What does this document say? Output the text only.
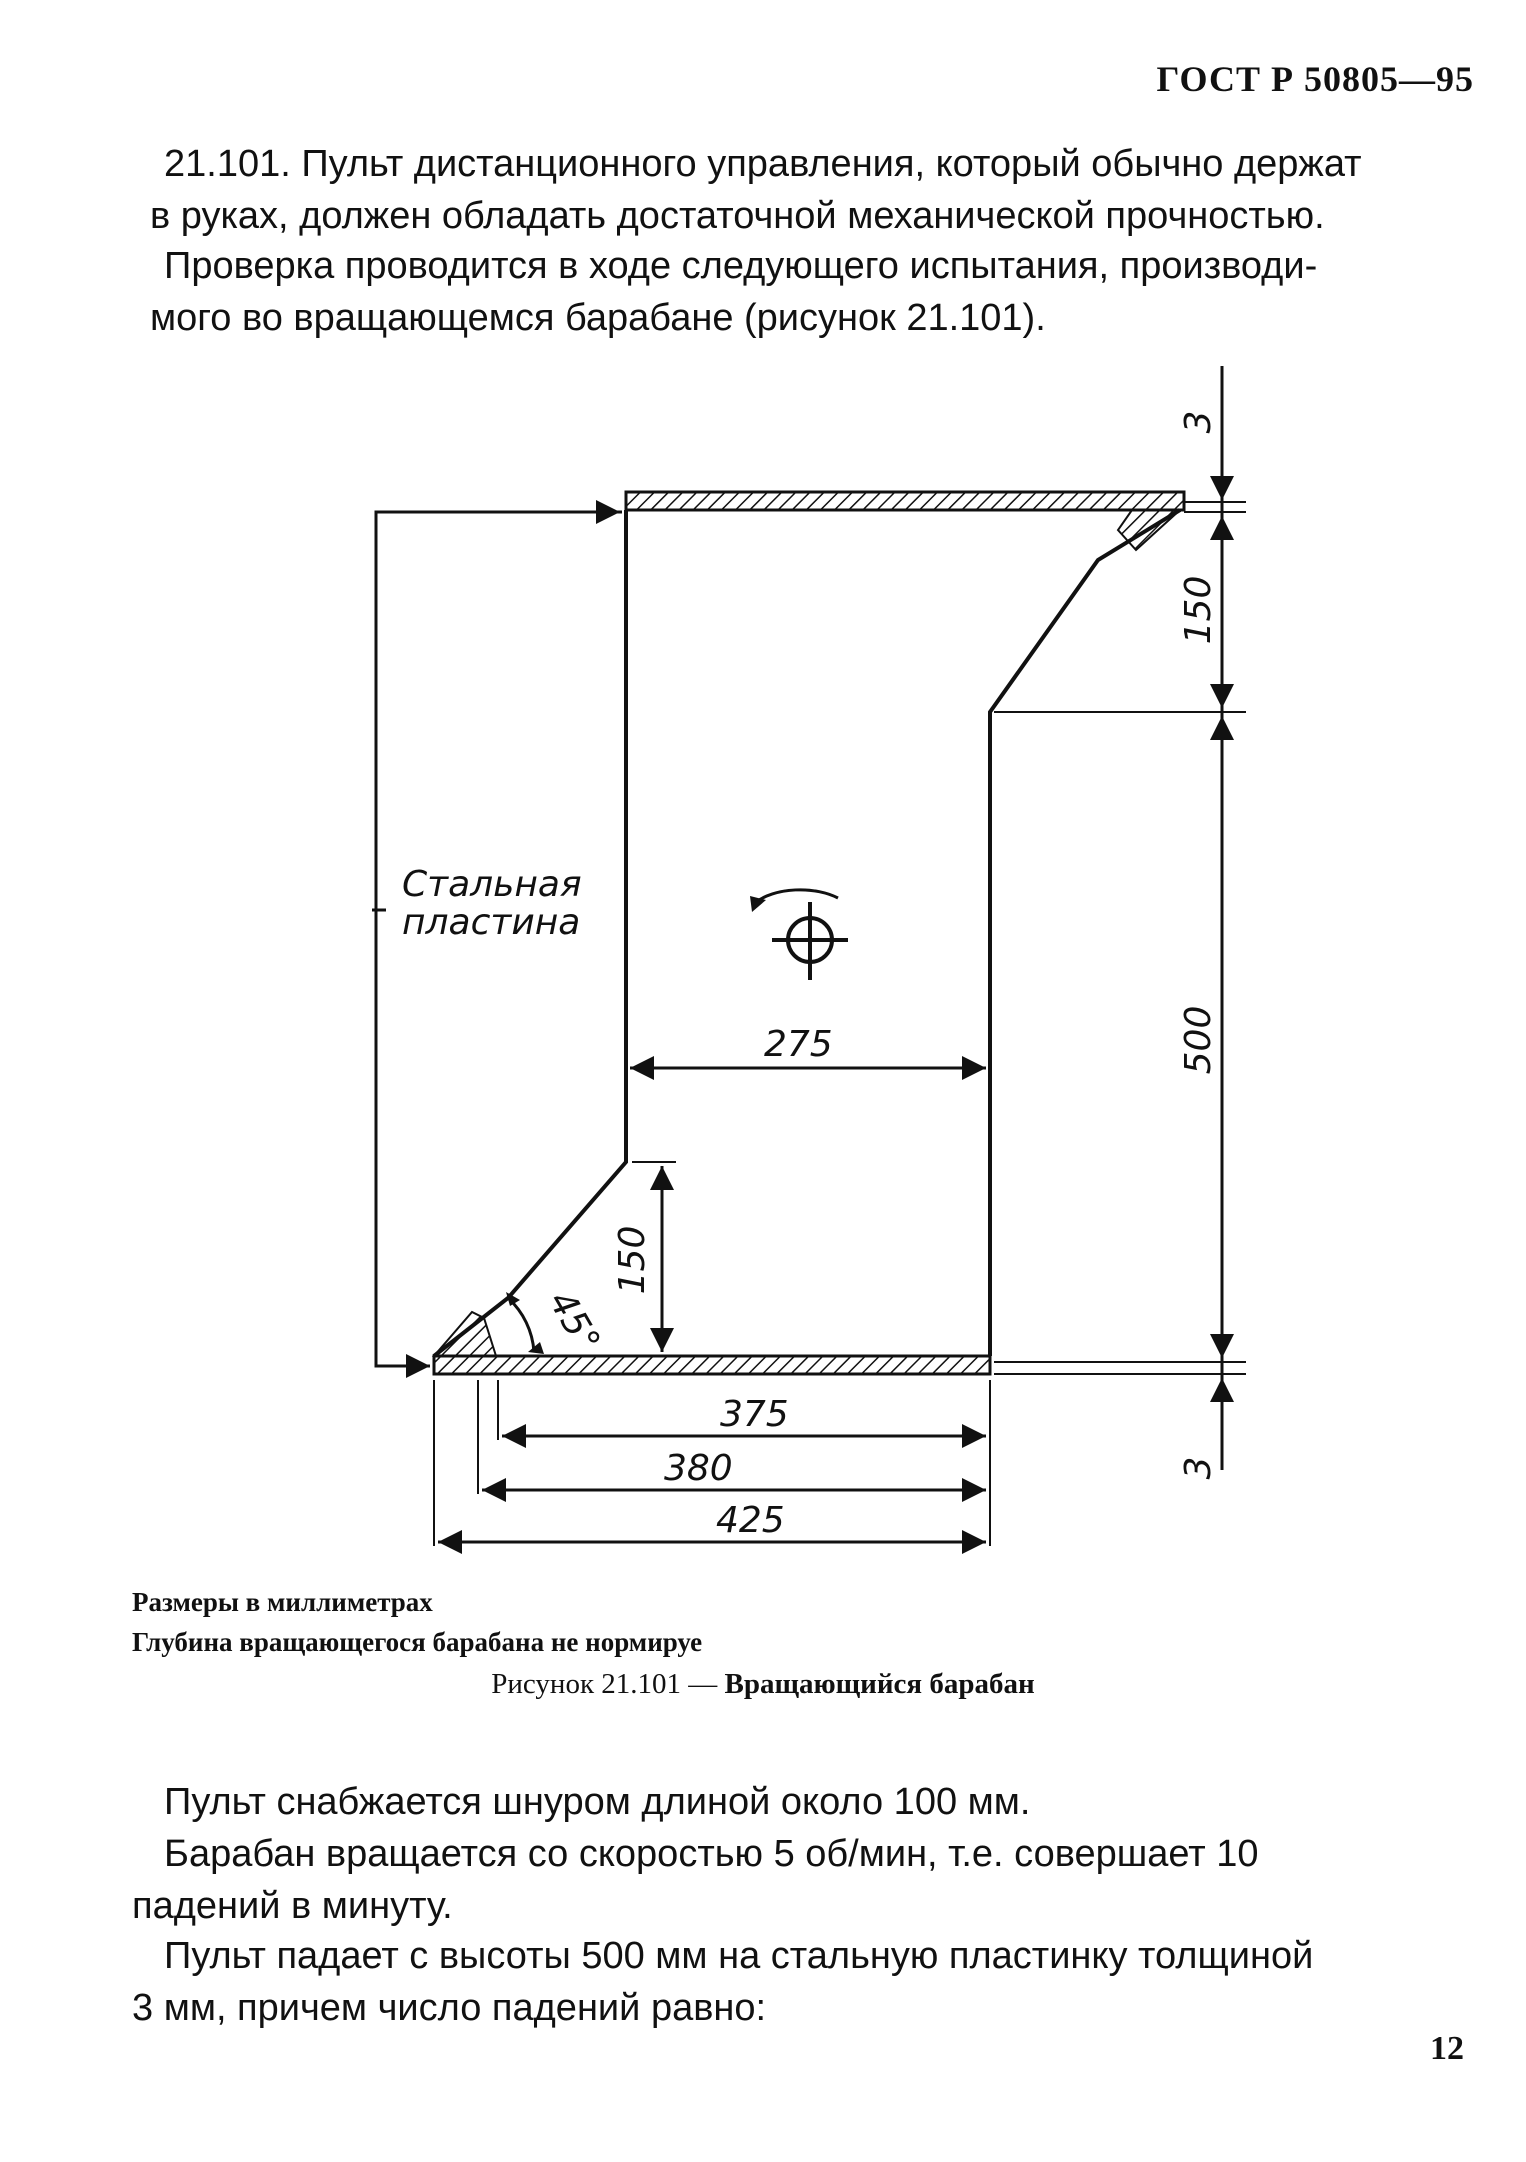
ГОСТ Р 50805—95
21.101. Пульт дистанционного управления, который обычно держат
в руках, должен обладать достаточной механической прочностью.
Проверка проводится в ходе следующего испытания, производи-
мого во вращающемся барабане (рисунок 21.101).
Стальная
пластина
275
150
45°
3
150
500
3
375
380
425
Размеры в миллиметрах
Глубина вращающегося барабана не нормируе
Рисунок 21.101 — Вращающийся барабан
Пульт снабжается шнуром длиной около 100 мм.
Барабан вращается со скоростью 5 об/мин, т.е. совершает 10
падений в минуту.
Пульт падает с высоты 500 мм на стальную пластинку толщиной
3 мм, причем число падений равно:
12
